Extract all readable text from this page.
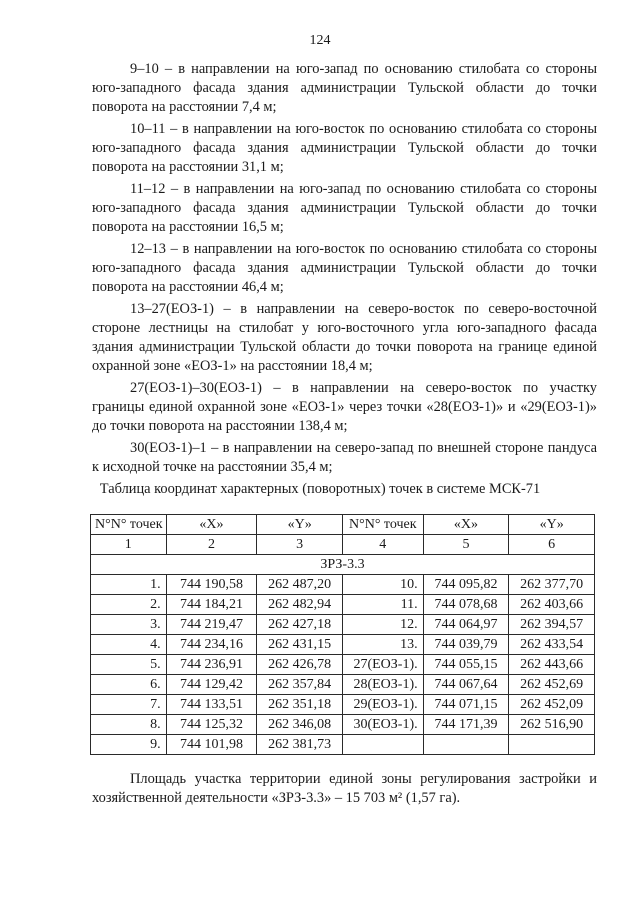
124

9–10 – в направлении на юго-запад по основанию стилобата со стороны юго-западного фасада здания администрации Тульской области до точки поворота на расстоянии 7,4 м;

10–11 – в направлении на юго-восток по основанию стилобата со стороны юго-западного фасада здания администрации Тульской области до точки поворота на расстоянии 31,1 м;

11–12 – в направлении на юго-запад по основанию стилобата со стороны юго-западного фасада здания администрации Тульской области до точки поворота на расстоянии 16,5 м;

12–13 – в направлении на юго-восток по основанию стилобата со стороны юго-западного фасада здания администрации Тульской области до точки поворота на расстоянии 46,4 м;

13–27(ЕОЗ-1) – в направлении на северо-восток по северо-восточной стороне лестницы на стилобат у юго-восточного угла юго-западного фасада здания администрации Тульской области до точки поворота на границе единой охранной зоне «ЕОЗ-1» на расстоянии 18,4 м;

27(ЕОЗ-1)–30(ЕОЗ-1) – в направлении на северо-восток по участку границы единой охранной зоне «ЕОЗ-1» через точки «28(ЕОЗ-1)» и «29(ЕОЗ-1)» до точки поворота на расстоянии 138,4 м;

30(ЕОЗ-1)–1 – в направлении на северо-запад по внешней стороне пандуса к исходной точке на расстоянии 35,4 м;

Таблица координат характерных (поворотных) точек в системе МСК-71
N°N° точек	«X»	«Y»	N°N° точек	«X»	«Y»
1	2	3	4	5	6
ЗРЗ-3.3					
1.	744 190,58	262 487,20	10.	744 095,82	262 377,70
2.	744 184,21	262 482,94	11.	744 078,68	262 403,66
3.	744 219,47	262 427,18	12.	744 064,97	262 394,57
4.	744 234,16	262 431,15	13.	744 039,79	262 433,54
5.	744 236,91	262 426,78	27(ЕОЗ-1).	744 055,15	262 443,66
6.	744 129,42	262 357,84	28(ЕОЗ-1).	744 067,64	262 452,69
7.	744 133,51	262 351,18	29(ЕОЗ-1).	744 071,15	262 452,09
8.	744 125,32	262 346,08	30(ЕОЗ-1).	744 171,39	262 516,90
9.	744 101,98	262 381,73			

Площадь участка территории единой зоны регулирования застройки и хозяйственной деятельности «ЗРЗ-3.3» – 15 703 м² (1,57 га).
